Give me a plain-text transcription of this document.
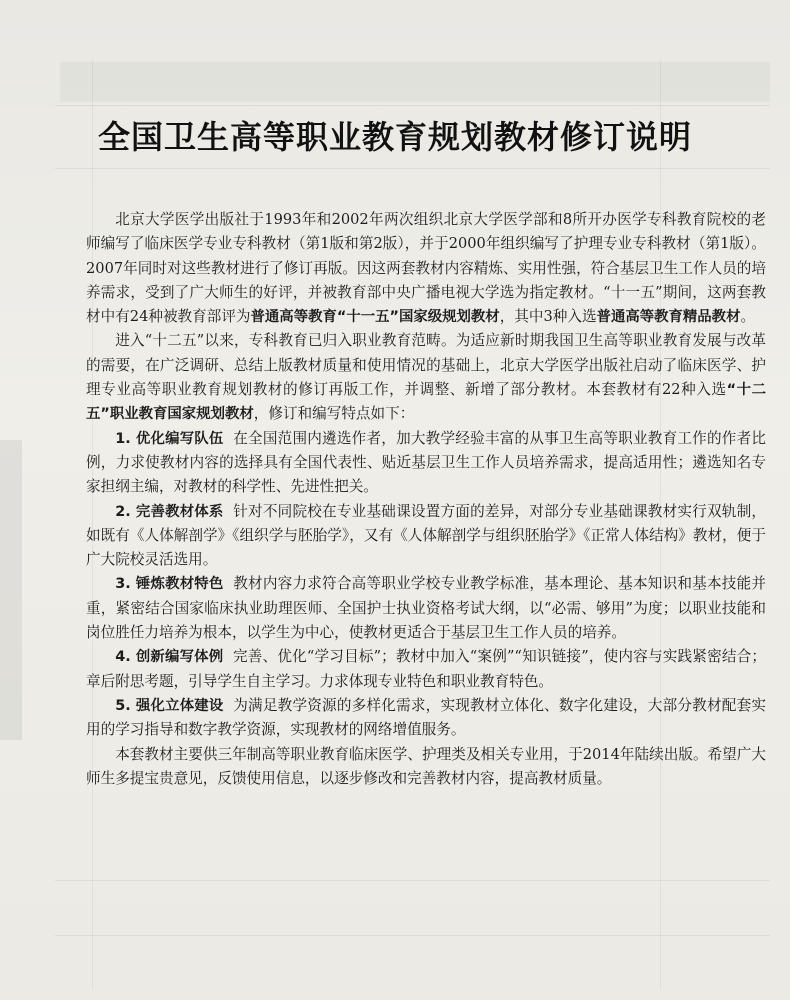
全国卫生高等职业教育规划教材修订说明

北京大学医学出版社于1993年和2002年两次组织北京大学医学部和8所开办医学专科教育院校的老师编写了临床医学专业专科教材（第1版和第2版），并于2000年组织编写了护理专业专科教材（第1版）。2007年同时对这些教材进行了修订再版。因这两套教材内容精炼、实用性强，符合基层卫生工作人员的培养需求，受到了广大师生的好评，并被教育部中央广播电视大学选为指定教材。“十一五”期间，这两套教材中有24种被教育部评为普通高等教育“十一五”国家级规划教材，其中3种入选普通高等教育精品教材。

进入“十二五”以来，专科教育已归入职业教育范畴。为适应新时期我国卫生高等职业教育发展与改革的需要，在广泛调研、总结上版教材质量和使用情况的基础上，北京大学医学出版社启动了临床医学、护理专业高等职业教育规划教材的修订再版工作，并调整、新增了部分教材。本套教材有22种入选“十二五”职业教育国家规划教材，修订和编写特点如下：

1. 优化编写队伍 在全国范围内遴选作者，加大教学经验丰富的从事卫生高等职业教育工作的作者比例，力求使教材内容的选择具有全国代表性、贴近基层卫生工作人员培养需求，提高适用性；遴选知名专家担纲主编，对教材的科学性、先进性把关。

2. 完善教材体系 针对不同院校在专业基础课设置方面的差异，对部分专业基础课教材实行双轨制，如既有《人体解剖学》《组织学与胚胎学》，又有《人体解剖学与组织胚胎学》《正常人体结构》教材，便于广大院校灵活选用。

3. 锤炼教材特色 教材内容力求符合高等职业学校专业教学标准，基本理论、基本知识和基本技能并重，紧密结合国家临床执业助理医师、全国护士执业资格考试大纲，以“必需、够用”为度；以职业技能和岗位胜任力培养为根本，以学生为中心，使教材更适合于基层卫生工作人员的培养。

4. 创新编写体例 完善、优化“学习目标”；教材中加入“案例”“知识链接”，使内容与实践紧密结合；章后附思考题，引导学生自主学习。力求体现专业特色和职业教育特色。

5. 强化立体建设 为满足教学资源的多样化需求，实现教材立体化、数字化建设，大部分教材配套实用的学习指导和数字教学资源，实现教材的网络增值服务。

本套教材主要供三年制高等职业教育临床医学、护理类及相关专业用，于2014年陆续出版。希望广大师生多提宝贵意见，反馈使用信息，以逐步修改和完善教材内容，提高教材质量。
